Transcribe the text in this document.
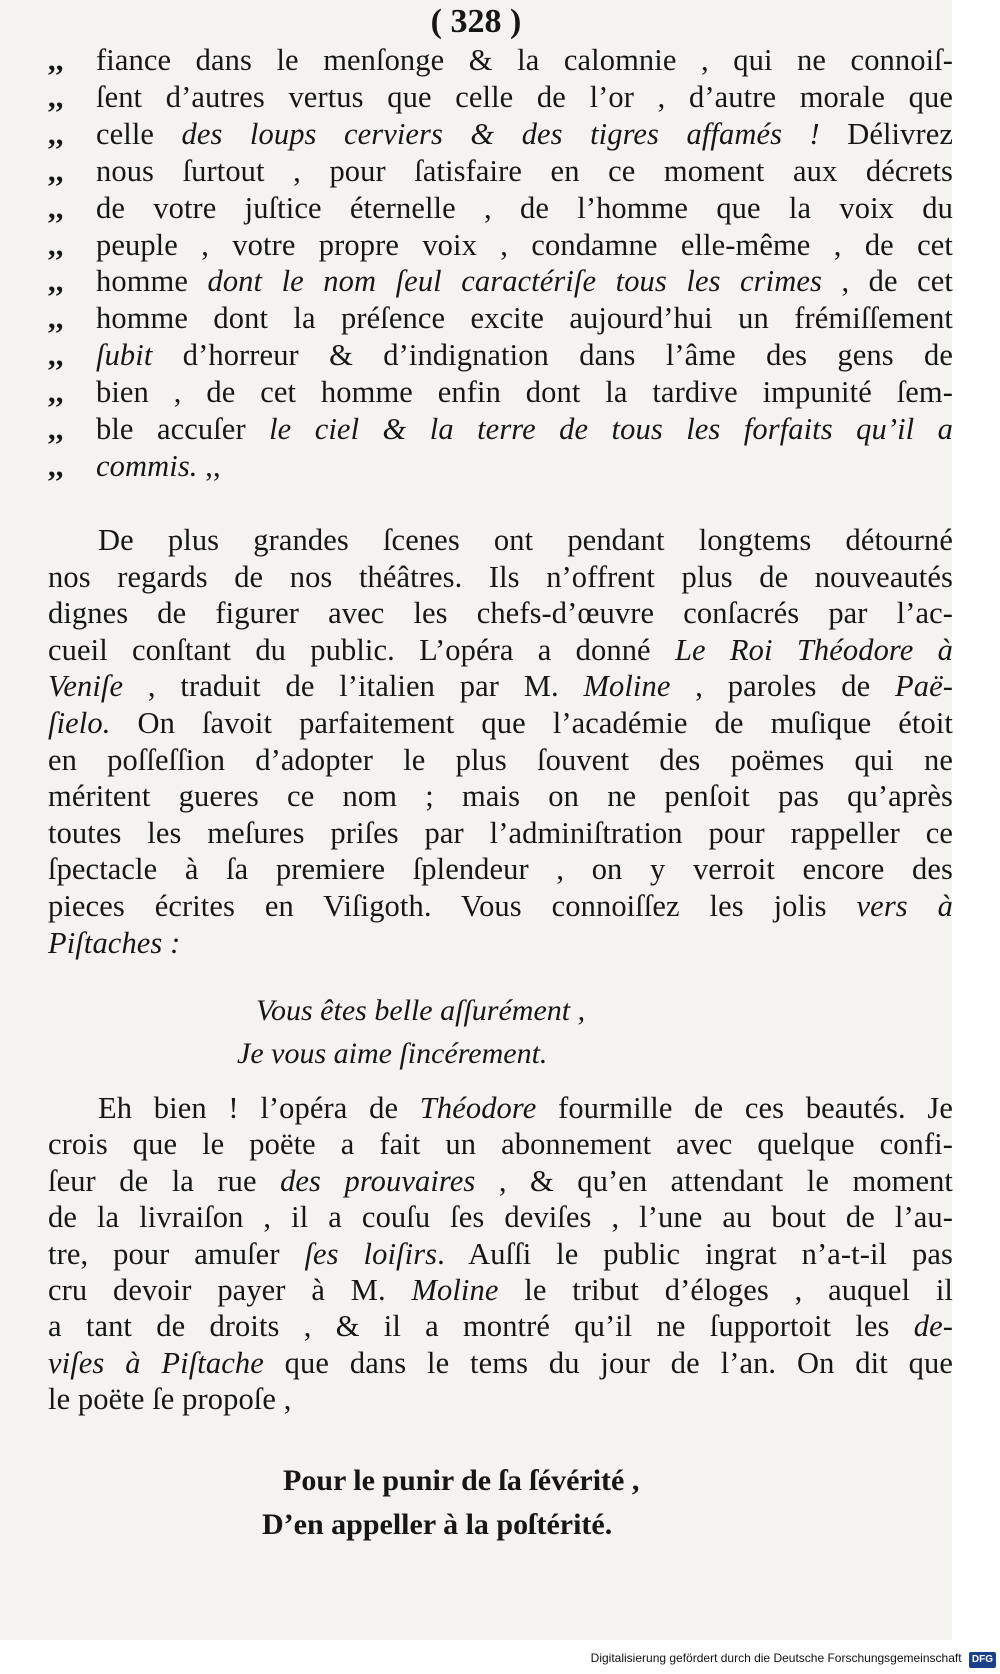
( 328 )
,, fiance dans le menſonge & la calomnie , qui ne connoiſ-
,, ſent d’autres vertus que celle de l’or , d’autre morale que
,, celle des loups cerviers & des tigres affamés ! Délivrez
,, nous ſurtout , pour ſatisfaire en ce moment aux décrets
,, de votre juſtice éternelle , de l’homme que la voix du
,, peuple , votre propre voix , condamne elle-même , de cet
,, homme dont le nom ſeul caractériſe tous les crimes , de cet
,, homme dont la préſence excite aujourd’hui un frémiſſement
,, ſubit d’horreur & d’indignation dans l’âme des gens de
,, bien , de cet homme enfin dont la tardive impunité ſem-
,, ble accuſer le ciel & la terre de tous les forfaits qu’il a
,, commis. ,,
De plus grandes ſcenes ont pendant longtems détourné
nos regards de nos théâtres. Ils n’offrent plus de nouveautés
dignes de figurer avec les chefs-d’œuvre conſacrés par l’ac-
cueil conſtant du public. L’opéra a donné Le Roi Théodore à
Veniſe , traduit de l’italien par M. Moline , paroles de Paë-
ſielo. On ſavoit parfaitement que l’académie de muſique étoit
en poſſeſſion d’adopter le plus ſouvent des poëmes qui ne
méritent gueres ce nom ; mais on ne penſoit pas qu’après
toutes les meſures priſes par l’adminiſtration pour rappeller ce
ſpectacle à ſa premiere ſplendeur , on y verroit encore des
pieces écrites en Viſigoth. Vous connoiſſez les jolis vers à
Piſtaches :
Vous êtes belle aſſurément ,
Je vous aime ſincérement.
Eh bien ! l’opéra de Théodore fourmille de ces beautés. Je
crois que le poëte a fait un abonnement avec quelque confi-
ſeur de la rue des prouvaires , & qu’en attendant le moment
de la livraiſon , il a couſu ſes deviſes , l’une au bout de l’au-
tre, pour amuſer ſes loiſirs. Auſſi le public ingrat n’a-t-il pas
cru devoir payer à M. Moline le tribut d’éloges , auquel il
a tant de droits , & il a montré qu’il ne ſupportoit les de-
viſes à Piſtache que dans le tems du jour de l’an. On dit que
le poëte ſe propoſe ,
Pour le punir de ſa ſévérité ,
D’en appeller à la poſtérité.
Digitalisierung gefördert durch die Deutsche Forschungsgemeinschaft DFG
